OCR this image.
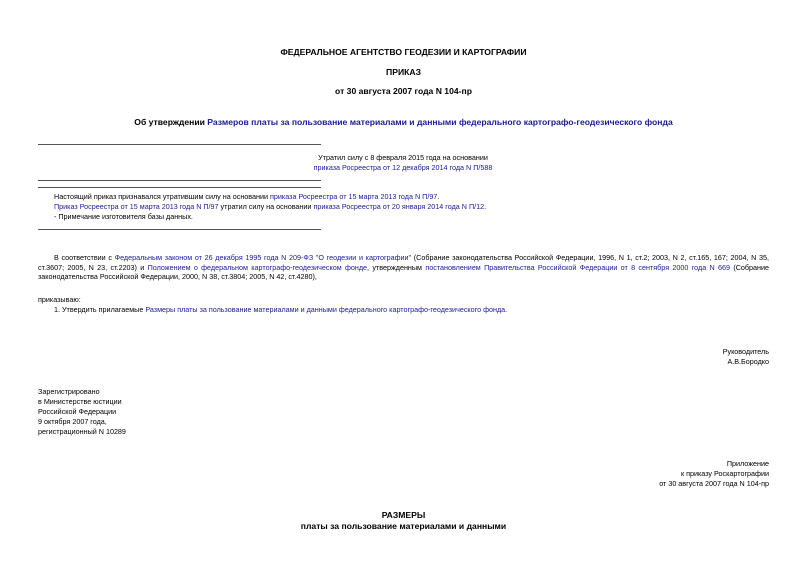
ФЕДЕРАЛЬНОЕ АГЕНТСТВО ГЕОДЕЗИИ И КАРТОГРАФИИ
ПРИКАЗ
от 30 августа 2007 года N 104-пр
Об утверждении Размеров платы за пользование материалами и данными федерального картографо-геодезического фонда
Утратил силу с 8 февраля 2015 года на основании
приказа Росреестра от 12 декабря 2014 года N П/588
Настоящий приказ признавался утратившим силу на основании приказа Росреестра от 15 марта 2013 года N П/97.
Приказ Росреестра от 15 марта 2013 года N П/97 утратил силу на основании приказа Росреестра от 20 января 2014 года N П/12.
- Примечание изготовителя базы данных.
В соответствии с Федеральным законом от 26 декабря 1995 года N 209-ФЗ "О геодезии и картографии" (Собрание законодательства Российской Федерации, 1996, N 1, ст.2; 2003, N 2, ст.165, 167; 2004, N 35, ст.3607; 2005, N 23, ст.2203) и Положением о федеральном картографо-геодезическом фонде, утвержденным постановлением Правительства Российской Федерации от 8 сентября 2000 года N 669 (Собрание законодательства Российской Федерации, 2000, N 38, ст.3804; 2005, N 42, ст.4280),
приказываю:
1. Утвердить прилагаемые Размеры платы за пользование материалами и данными федерального картографо-геодезического фонда.
Руководитель
А.В.Бородко
Зарегистрировано
в Министерстве юстиции
Российской Федерации
9 октября 2007 года,
регистрационный N 10289
Приложение
к приказу Роскартографии
от 30 августа 2007 года N 104-пр
РАЗМЕРЫ
платы за пользование материалами и данными
